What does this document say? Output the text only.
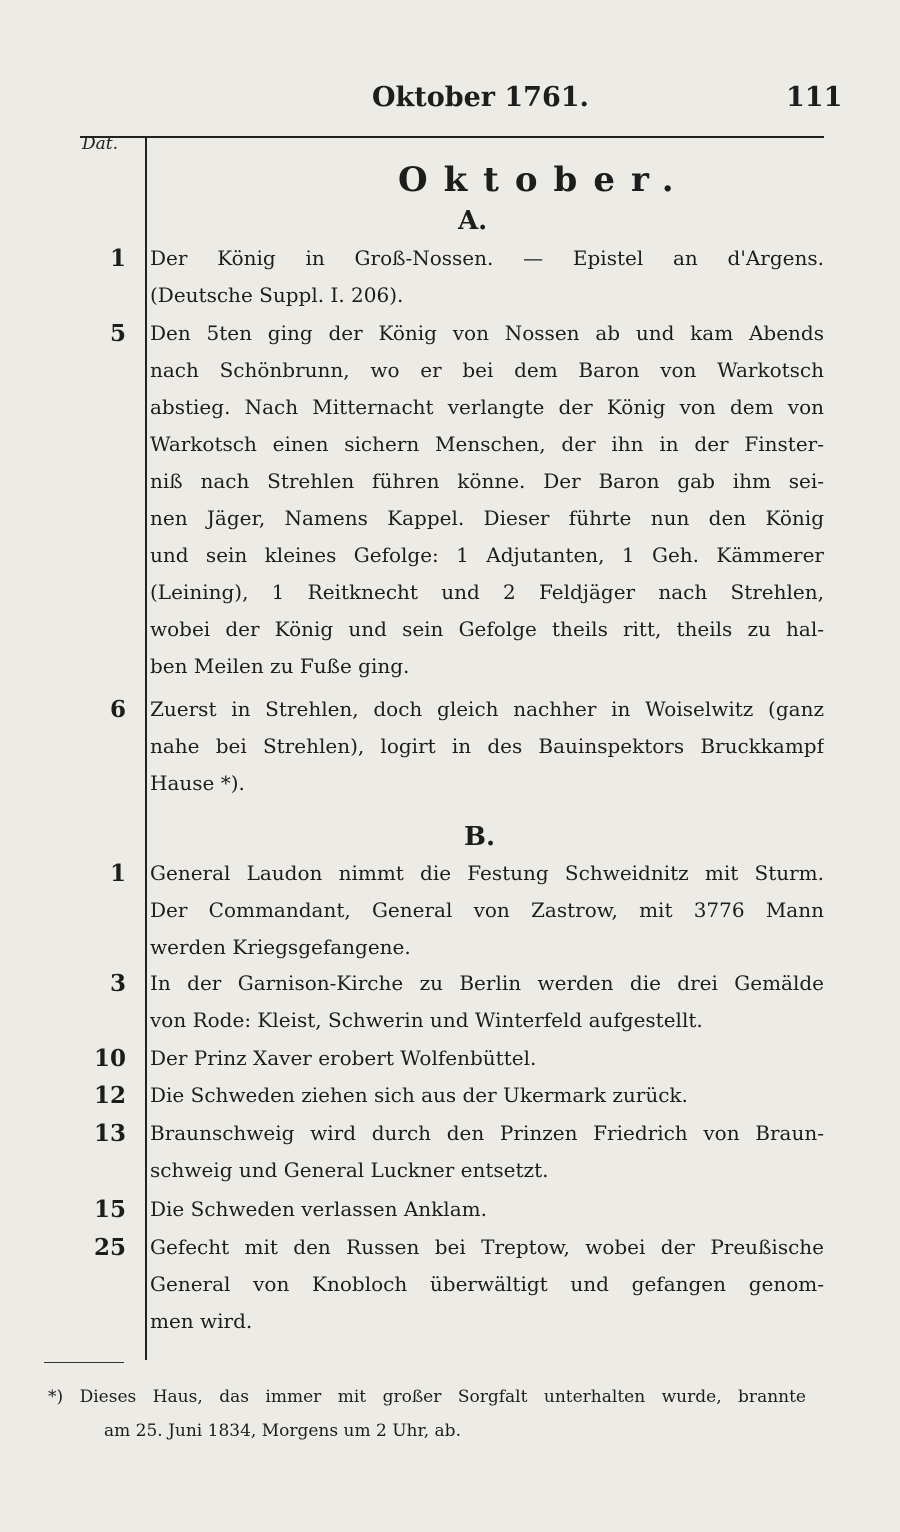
Oktober 1761.	111
Dat.
Oktober.
A.
1 Der König in Groß-Nossen. — Epistel an d'Argens.
(Deutsche Suppl. I. 206).
5 Den 5ten ging der König von Nossen ab und kam Abends
nach Schönbrunn, wo er bei dem Baron von Warkotsch
abstieg. Nach Mitternacht verlangte der König von dem von
Warkotsch einen sichern Menschen, der ihn in der Finster-
niß nach Strehlen führen könne. Der Baron gab ihm sei-
nen Jäger, Namens Kappel. Dieser führte nun den König
und sein kleines Gefolge: 1 Adjutanten, 1 Geh. Kämmerer
(Leining), 1 Reitknecht und 2 Feldjäger nach Strehlen,
wobei der König und sein Gefolge theils ritt, theils zu hal-
ben Meilen zu Fuße ging.
6 Zuerst in Strehlen, doch gleich nachher in Woiselwitz (ganz
nahe bei Strehlen), logirt in des Bauinspektors Bruckkampf
Hause *).
B.
1 General Laudon nimmt die Festung Schweidnitz mit Sturm.
Der Commandant, General von Zastrow, mit 3776 Mann
werden Kriegsgefangene.
3 In der Garnison-Kirche zu Berlin werden die drei Gemälde
von Rode: Kleist, Schwerin und Winterfeld aufgestellt.
10 Der Prinz Xaver erobert Wolfenbüttel.
12 Die Schweden ziehen sich aus der Ukermark zurück.
13 Braunschweig wird durch den Prinzen Friedrich von Braun-
schweig und General Luckner entsetzt.
15 Die Schweden verlassen Anklam.
25 Gefecht mit den Russen bei Treptow, wobei der Preußische
General von Knobloch überwältigt und gefangen genom-
men wird.
*) Dieses Haus, das immer mit großer Sorgfalt unterhalten wurde, brannte
am 25. Juni 1834, Morgens um 2 Uhr, ab.
